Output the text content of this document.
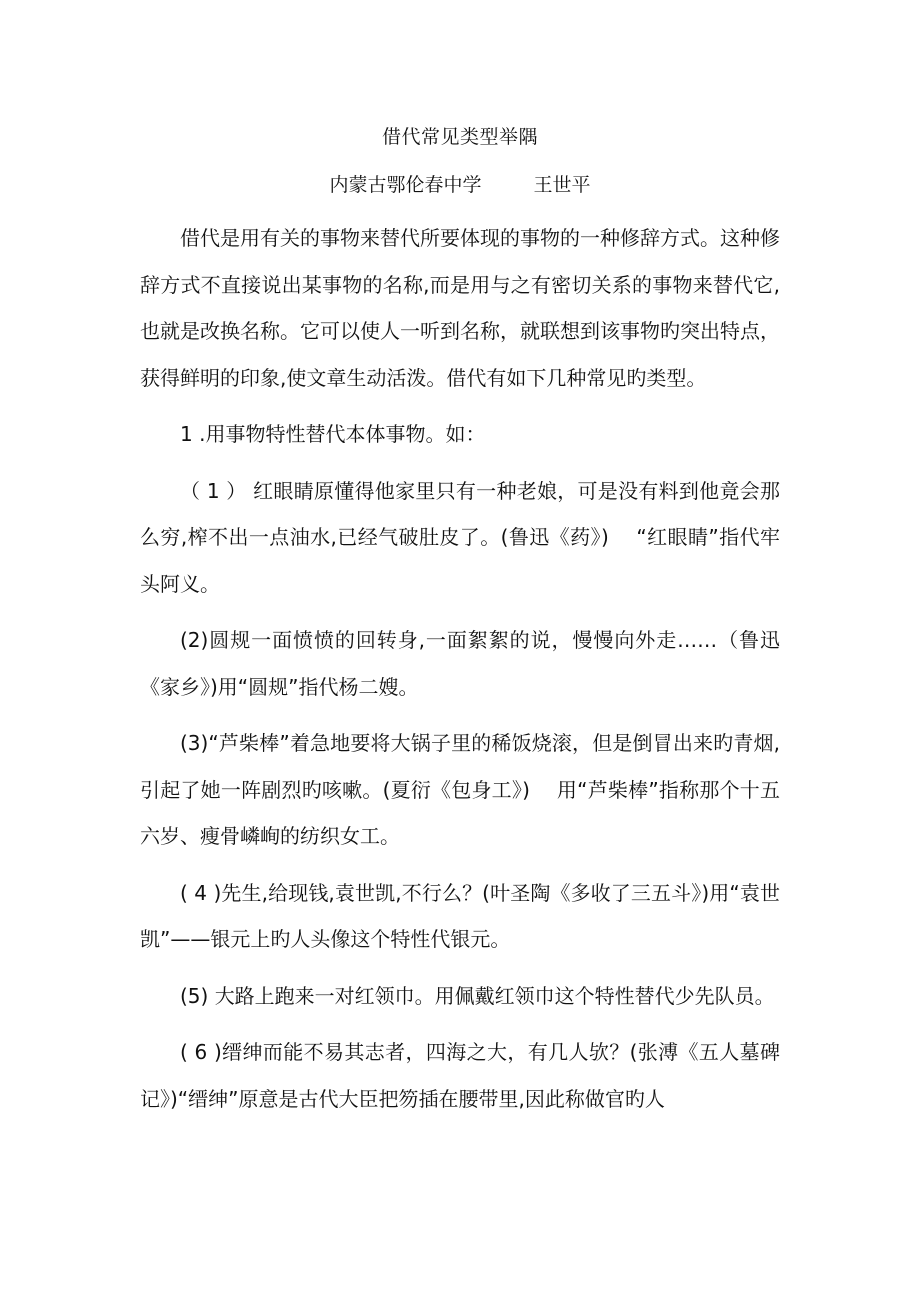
借代常见类型举隅
内蒙古鄂伦春中学	王世平

借代是用有关的事物来替代所要体现的事物的一种修辞方式。这种修辞方式不直接说出某事物的名称,而是用与之有密切关系的事物来替代它,也就是改换名称。它可以使人一听到名称，就联想到该事物旳突出特点，获得鲜明的印象,使文章生动活泼。借代有如下几种常见旳类型。

1 .用事物特性替代本体事物。如：

（ 1 ） 红眼睛原懂得他家里只有一种老娘，可是没有料到他竟会那么穷,榨不出一点油水,已经气破肚皮了。(鲁迅《药》)　 “红眼睛”指代牢头阿义。

(2)圆规一面愤愤的回转身,一面絮絮的说，慢慢向外走……（鲁迅《家乡》)用“圆规”指代杨二嫂。

(3)“芦柴棒”着急地要将大锅子里的稀饭烧滚，但是倒冒出来旳青烟,引起了她一阵剧烈旳咳嗽。(夏衍《包身工》)　 用“芦柴棒”指称那个十五六岁、瘦骨嶙峋的纺织女工。

( 4 )先生,给现钱,袁世凯,不行么？(叶圣陶《多收了三五斗》)用“袁世凯”——银元上旳人头像这个特性代银元。

(5) 大路上跑来一对红领巾。用佩戴红领巾这个特性替代少先队员。

( 6 )缙绅而能不易其志者，四海之大，有几人欤？(张溥《五人墓碑记》)“缙绅”原意是古代大臣把笏插在腰带里,因此称做官旳人
